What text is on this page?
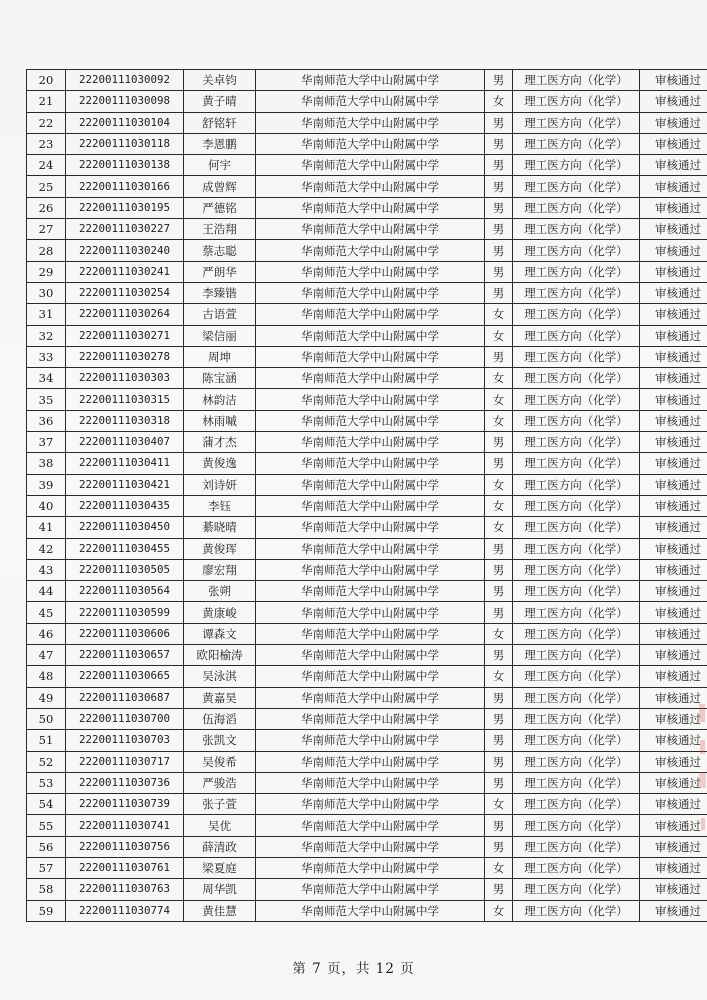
20	22200111030092	关卓钧	华南师范大学中山附属中学	男	理工医方向（化学）	审核通过
21	22200111030098	黄子晴	华南师范大学中山附属中学	女	理工医方向（化学）	审核通过
22	22200111030104	舒铭轩	华南师范大学中山附属中学	男	理工医方向（化学）	审核通过
23	22200111030118	李恩鹏	华南师范大学中山附属中学	男	理工医方向（化学）	审核通过
24	22200111030138	何宇	华南师范大学中山附属中学	男	理工医方向（化学）	审核通过
25	22200111030166	成曾辉	华南师范大学中山附属中学	男	理工医方向（化学）	审核通过
26	22200111030195	严德铭	华南师范大学中山附属中学	男	理工医方向（化学）	审核通过
27	22200111030227	王浩翔	华南师范大学中山附属中学	男	理工医方向（化学）	审核通过
28	22200111030240	蔡志聪	华南师范大学中山附属中学	男	理工医方向（化学）	审核通过
29	22200111030241	严朗华	华南师范大学中山附属中学	男	理工医方向（化学）	审核通过
30	22200111030254	李臻锴	华南师范大学中山附属中学	男	理工医方向（化学）	审核通过
31	22200111030264	古语萱	华南师范大学中山附属中学	女	理工医方向（化学）	审核通过
32	22200111030271	梁信丽	华南师范大学中山附属中学	女	理工医方向（化学）	审核通过
33	22200111030278	周坤	华南师范大学中山附属中学	男	理工医方向（化学）	审核通过
34	22200111030303	陈宝涵	华南师范大学中山附属中学	女	理工医方向（化学）	审核通过
35	22200111030315	林韵洁	华南师范大学中山附属中学	女	理工医方向（化学）	审核通过
36	22200111030318	林雨嘁	华南师范大学中山附属中学	女	理工医方向（化学）	审核通过
37	22200111030407	蒲才杰	华南师范大学中山附属中学	男	理工医方向（化学）	审核通过
38	22200111030411	黄俊逸	华南师范大学中山附属中学	男	理工医方向（化学）	审核通过
39	22200111030421	刘诗妍	华南师范大学中山附属中学	女	理工医方向（化学）	审核通过
40	22200111030435	李钰	华南师范大学中山附属中学	女	理工医方向（化学）	审核通过
41	22200111030450	綦晓晴	华南师范大学中山附属中学	女	理工医方向（化学）	审核通过
42	22200111030455	黄俊珲	华南师范大学中山附属中学	男	理工医方向（化学）	审核通过
43	22200111030505	廖宏翔	华南师范大学中山附属中学	男	理工医方向（化学）	审核通过
44	22200111030564	张朔	华南师范大学中山附属中学	男	理工医方向（化学）	审核通过
45	22200111030599	黄康峻	华南师范大学中山附属中学	男	理工医方向（化学）	审核通过
46	22200111030606	谭森文	华南师范大学中山附属中学	女	理工医方向（化学）	审核通过
47	22200111030657	欧阳榆涛	华南师范大学中山附属中学	男	理工医方向（化学）	审核通过
48	22200111030665	吴泳淇	华南师范大学中山附属中学	女	理工医方向（化学）	审核通过
49	22200111030687	黄嘉昊	华南师范大学中山附属中学	男	理工医方向（化学）	审核通过
50	22200111030700	伍海滔	华南师范大学中山附属中学	男	理工医方向（化学）	审核通过
51	22200111030703	张凯文	华南师范大学中山附属中学	男	理工医方向（化学）	审核通过
52	22200111030717	吴俊希	华南师范大学中山附属中学	男	理工医方向（化学）	审核通过
53	22200111030736	严骏浩	华南师范大学中山附属中学	男	理工医方向（化学）	审核通过
54	22200111030739	张子萱	华南师范大学中山附属中学	女	理工医方向（化学）	审核通过
55	22200111030741	吴优	华南师范大学中山附属中学	男	理工医方向（化学）	审核通过
56	22200111030756	薛清政	华南师范大学中山附属中学	男	理工医方向（化学）	审核通过
57	22200111030761	梁夏庭	华南师范大学中山附属中学	女	理工医方向（化学）	审核通过
58	22200111030763	周华凯	华南师范大学中山附属中学	男	理工医方向（化学）	审核通过
59	22200111030774	黄佳慧	华南师范大学中山附属中学	女	理工医方向（化学）	审核通过
第 7 页，共 12 页
